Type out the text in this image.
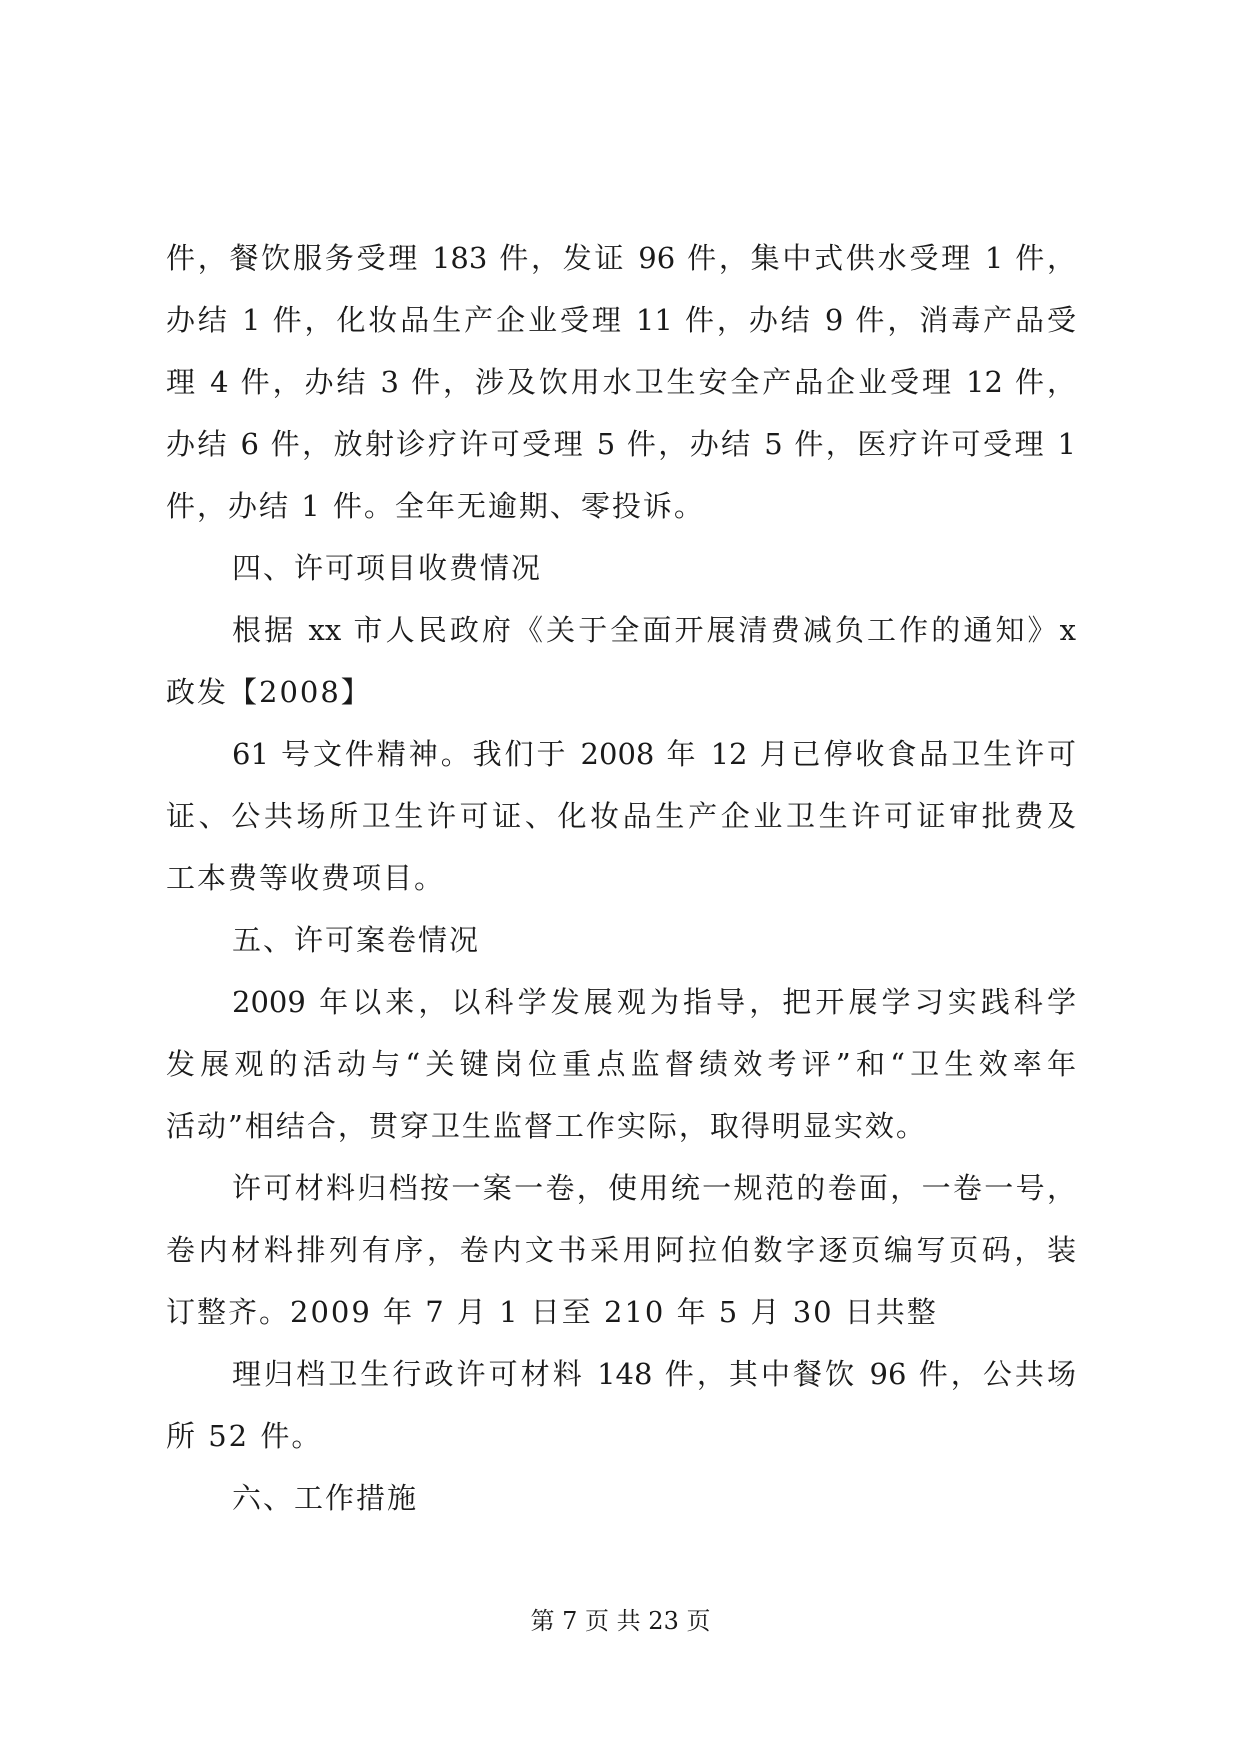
件，餐饮服务受理 183 件，发证 96 件，集中式供水受理 1 件，
办结 1 件，化妆品生产企业受理 11 件，办结 9 件，消毒产品受
理 4 件，办结 3 件，涉及饮用水卫生安全产品企业受理 12 件，
办结 6 件，放射诊疗许可受理 5 件，办结 5 件，医疗许可受理 1
件，办结 1 件。全年无逾期、零投诉。
四、许可项目收费情况
根据 xx 市人民政府《关于全面开展清费减负工作的通知》x
政发【2008】
61 号文件精神。我们于 2008 年 12 月已停收食品卫生许可
证、公共场所卫生许可证、化妆品生产企业卫生许可证审批费及
工本费等收费项目。
五、许可案卷情况
2009 年以来，以科学发展观为指导，把开展学习实践科学
发展观的活动与“关键岗位重点监督绩效考评”和“卫生效率年
活动”相结合，贯穿卫生监督工作实际，取得明显实效。
许可材料归档按一案一卷，使用统一规范的卷面，一卷一号，
卷内材料排列有序，卷内文书采用阿拉伯数字逐页编写页码，装
订整齐。2009 年 7 月 1 日至 210 年 5 月 30 日共整
理归档卫生行政许可材料 148 件，其中餐饮 96 件，公共场
所 52 件。
六、工作措施
第 7 页 共 23 页
